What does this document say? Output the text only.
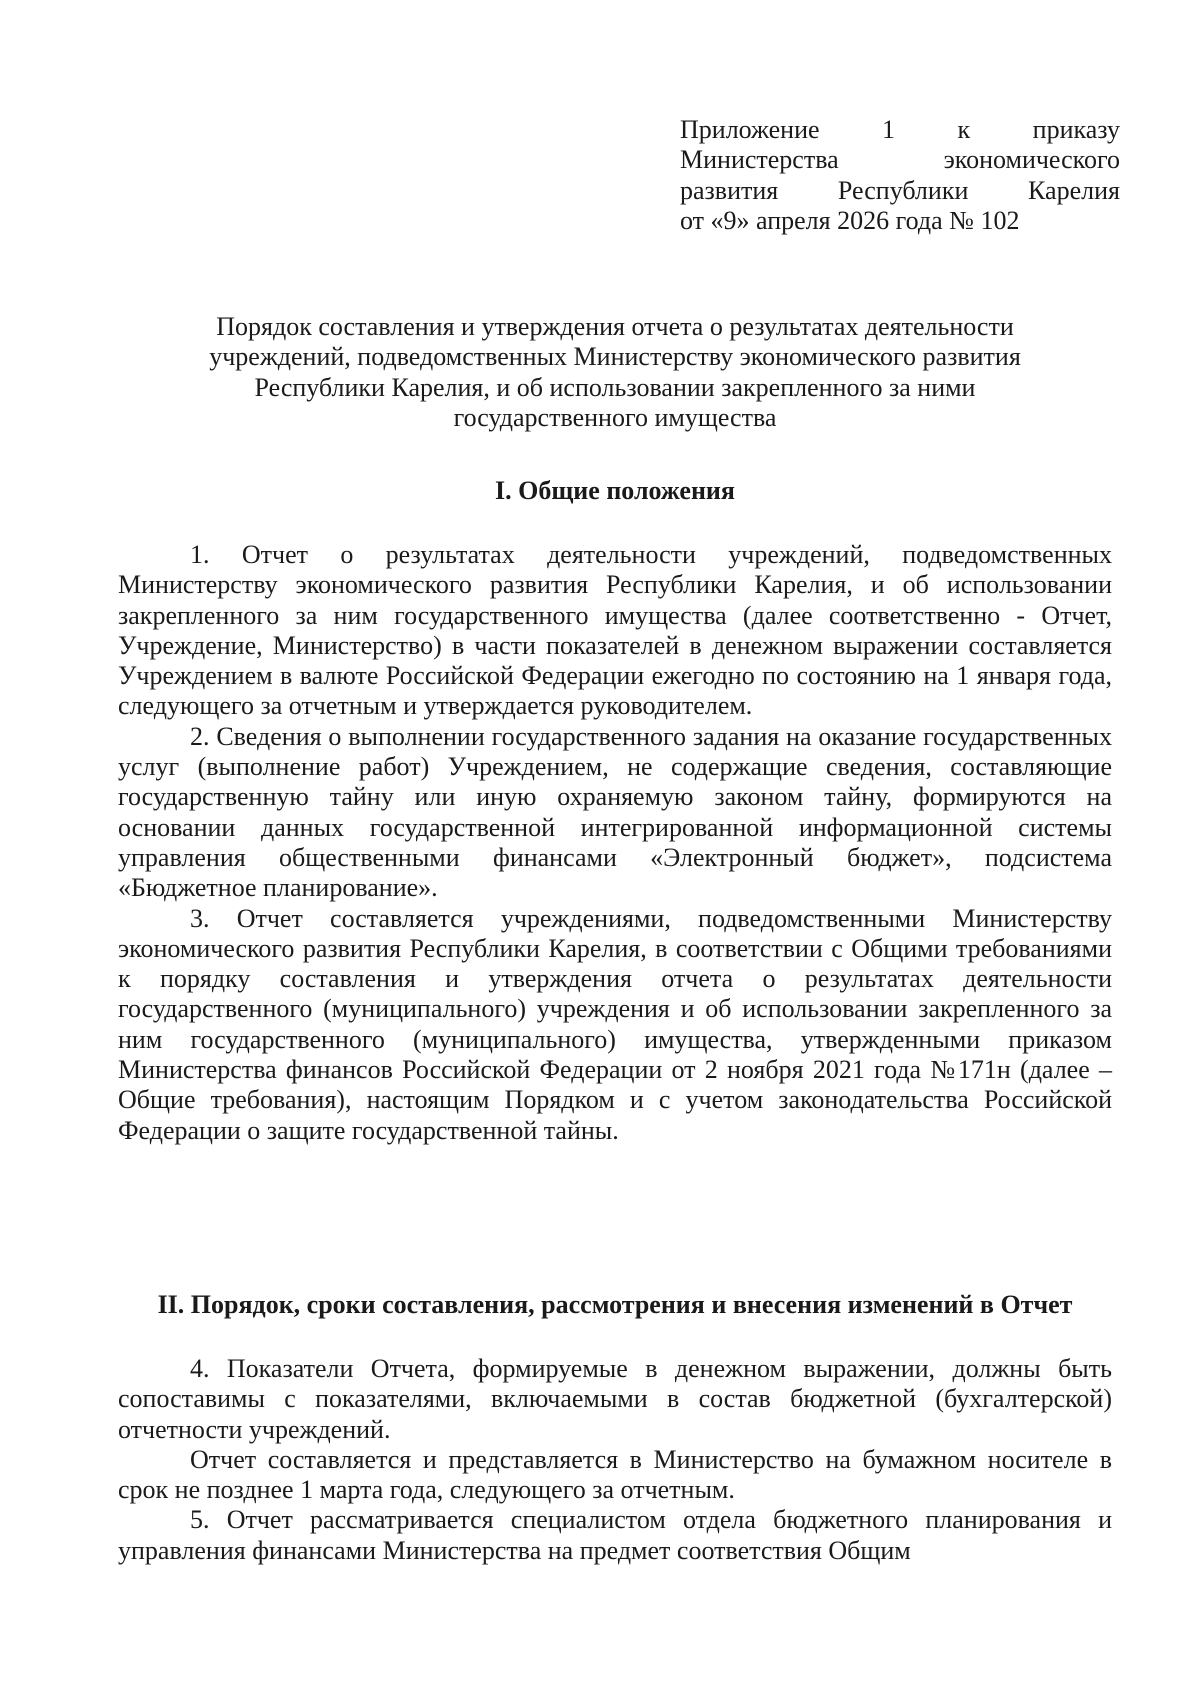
Приложение 1 к приказу
Министерства экономического
развития Республики Карелия
от «9» апреля 2026 года № 102
Порядок составления и утверждения отчета о результатах деятельности
учреждений, подведомственных Министерству экономического развития
Республики Карелия, и об использовании закрепленного за ними
государственного имущества
I. Общие положения

1. Отчет о результатах деятельности учреждений, подведомственных Министерству экономического развития Республики Карелия, и об использовании закрепленного за ним государственного имущества (далее соответственно - Отчет, Учреждение, Министерство) в части показателей в денежном выражении составляется Учреждением в валюте Российской Федерации ежегодно по состоянию на 1 января года, следующего за отчетным и утверждается руководителем.

2. Сведения о выполнении государственного задания на оказание государственных услуг (выполнение работ) Учреждением, не содержащие сведения, составляющие государственную тайну или иную охраняемую законом тайну, формируются на основании данных государственной интегрированной информационной системы управления общественными финансами «Электронный бюджет», подсистема «Бюджетное планирование».

3. Отчет составляется учреждениями, подведомственными Министерству экономического развития Республики Карелия, в соответствии с Общими требованиями к порядку составления и утверждения отчета о результатах деятельности государственного (муниципального) учреждения и об использовании закрепленного за ним государственного (муниципального) имущества, утвержденными приказом Министерства финансов Российской Федерации от 2 ноября 2021 года №171н (далее – Общие требования), настоящим Порядком и с учетом законодательства Российской Федерации о защите государственной тайны.

II. Порядок, сроки составления, рассмотрения и внесения изменений в Отчет

4. Показатели Отчета, формируемые в денежном выражении, должны быть сопоставимы с показателями, включаемыми в состав бюджетной (бухгалтерской) отчетности учреждений.

Отчет составляется и представляется в Министерство на бумажном носителе в срок не позднее 1 марта года, следующего за отчетным.

5. Отчет рассматривается специалистом отдела бюджетного планирования и управления финансами Министерства на предмет соответствия Общим
